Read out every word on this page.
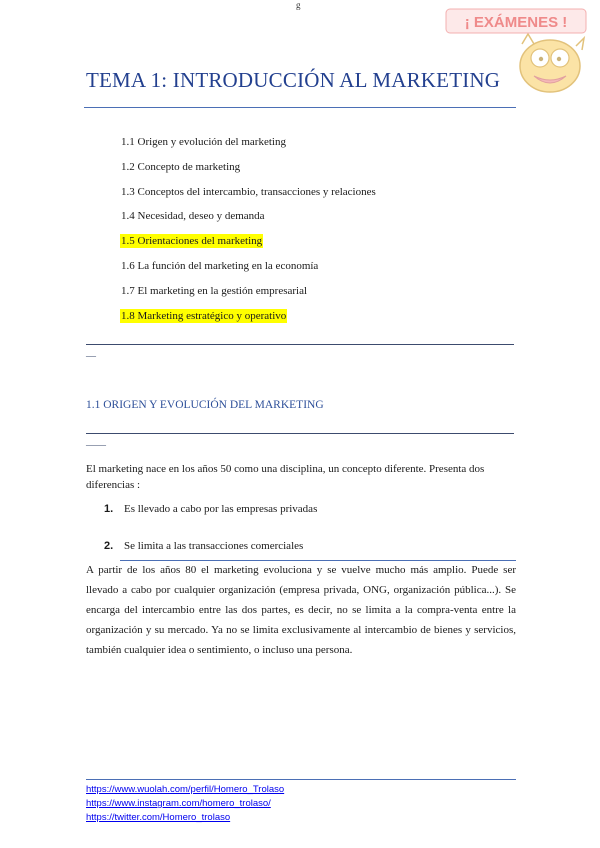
g
¡ EXÁMENES !
TEMA 1: INTRODUCCIÓN AL MARKETING
1.1 Origen y evolución del marketing
1.2 Concepto de marketing
1.3 Conceptos del intercambio, transacciones y relaciones
1.4 Necesidad, deseo y demanda
1.5 Orientaciones del marketing
1.6 La función del marketing en la economía
1.7 El marketing en la gestión empresarial
1.8 Marketing estratégico y operativo
—
1.1 ORIGEN Y EVOLUCIÓN DEL MARKETING
——
El marketing nace en los años 50 como una disciplina, un concepto diferente. Presenta dos diferencias :
1. Es llevado a cabo por las empresas privadas
2. Se limita a las transacciones comerciales
A partir de los años 80 el marketing evoluciona y se vuelve mucho más amplio. Puede ser llevado a cabo por cualquier organización (empresa privada, ONG, organización pública...). Se encarga del intercambio entre las dos partes, es decir, no se limita a la compra-venta entre la organización y su mercado. Ya no se limita exclusivamente al intercambio de bienes y servicios, también cualquier idea o sentimiento, o incluso una persona.
https://www.wuolah.com/perfil/Homero_Trolaso
https://www.instagram.com/homero_trolaso/
https://twitter.com/Homero_trolaso
